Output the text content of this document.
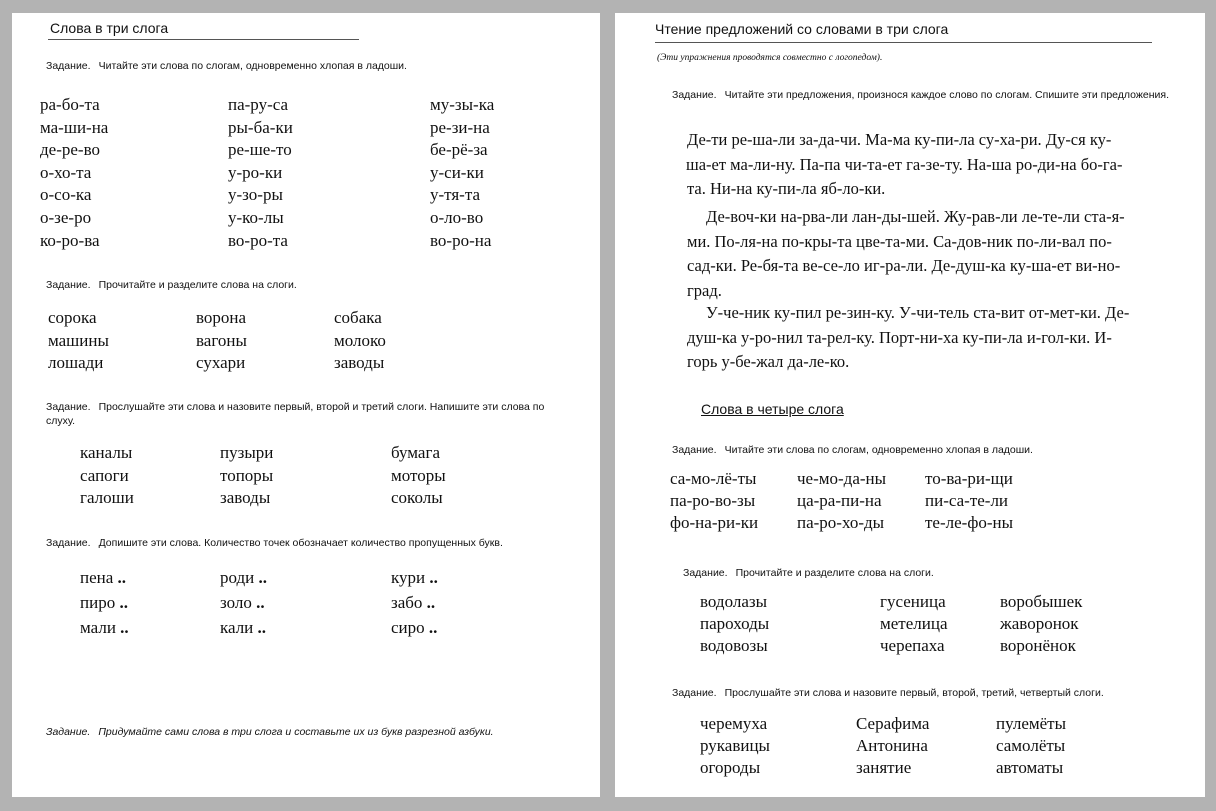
Слова в три слога
Задание. Читайте эти слова по слогам, одновременно хлопая в ладоши.
ра-бо-та
ма-ши-на
де-ре-во
о-хо-та
о-со-ка
о-зе-ро
ко-ро-ва
па-ру-са
ры-ба-ки
ре-ше-то
у-ро-ки
у-зо-ры
у-ко-лы
во-ро-та
му-зы-ка
ре-зи-на
бе-рё-за
у-си-ки
у-тя-та
о-ло-во
во-ро-на
Задание. Прочитайте и разделите слова на слоги.
сорока
машины
лошади
ворона
вагоны
сухари
собака
молоко
заводы
Задание. Прослушайте эти слова и назовите первый, второй и третий слоги. Напишите эти слова по слуху.
каналы
сапоги
галоши
пузыри
топоры
заводы
бумага
моторы
соколы
Задание. Допишите эти слова. Количество точек обозначает количество пропущенных букв.
пена ..
пиро ..
мали ..
роди ..
золо ..
кали ..
кури ..
забо ..
сиро ..
Задание. Придумайте сами слова в три слога и составьте их из букв разрезной азбуки.
Чтение предложений со словами в три слога
(Эти упражнения проводятся совместно с логопедом).
Задание. Читайте эти предложения, произнося каждое слово по слогам. Спишите эти предложения.
Де-ти ре-ша-ли за-да-чи. Ма-ма ку-пи-ла су-ха-ри. Ду-ся ку-
ша-ет ма-ли-ну. Па-па чи-та-ет га-зе-ту. На-ша ро-ди-на бо-га-
та. Ни-на ку-пи-ла яб-ло-ки.
Де-воч-ки на-рва-ли лан-ды-шей. Жу-рав-ли ле-те-ли ста-я-
ми. По-ля-на по-кры-та цве-та-ми. Са-дов-ник по-ли-вал по-
сад-ки. Ре-бя-та ве-се-ло иг-ра-ли. Де-душ-ка ку-ша-ет ви-но-
град.
У-че-ник ку-пил ре-зин-ку. У-чи-тель ста-вит от-мет-ки. Де-
душ-ка у-ро-нил та-рел-ку. Порт-ни-ха ку-пи-ла и-гол-ки. И-
горь у-бе-жал да-ле-ко.
Слова в четыре слога
Задание. Читайте эти слова по слогам, одновременно хлопая в ладоши.
са-мо-лё-ты
па-ро-во-зы
фо-на-ри-ки
че-мо-да-ны
ца-ра-пи-на
па-ро-хо-ды
то-ва-ри-щи
пи-са-те-ли
те-ле-фо-ны
Задание. Прочитайте и разделите слова на слоги.
водолазы
пароходы
водовозы
гусеница
метелица
черепаха
воробышек
жаворонок
воронёнок
Задание. Прослушайте эти слова и назовите первый, второй, третий, четвертый слоги.
черемуха
рукавицы
огороды
Серафима
Антонина
занятие
пулемёты
самолёты
автоматы
